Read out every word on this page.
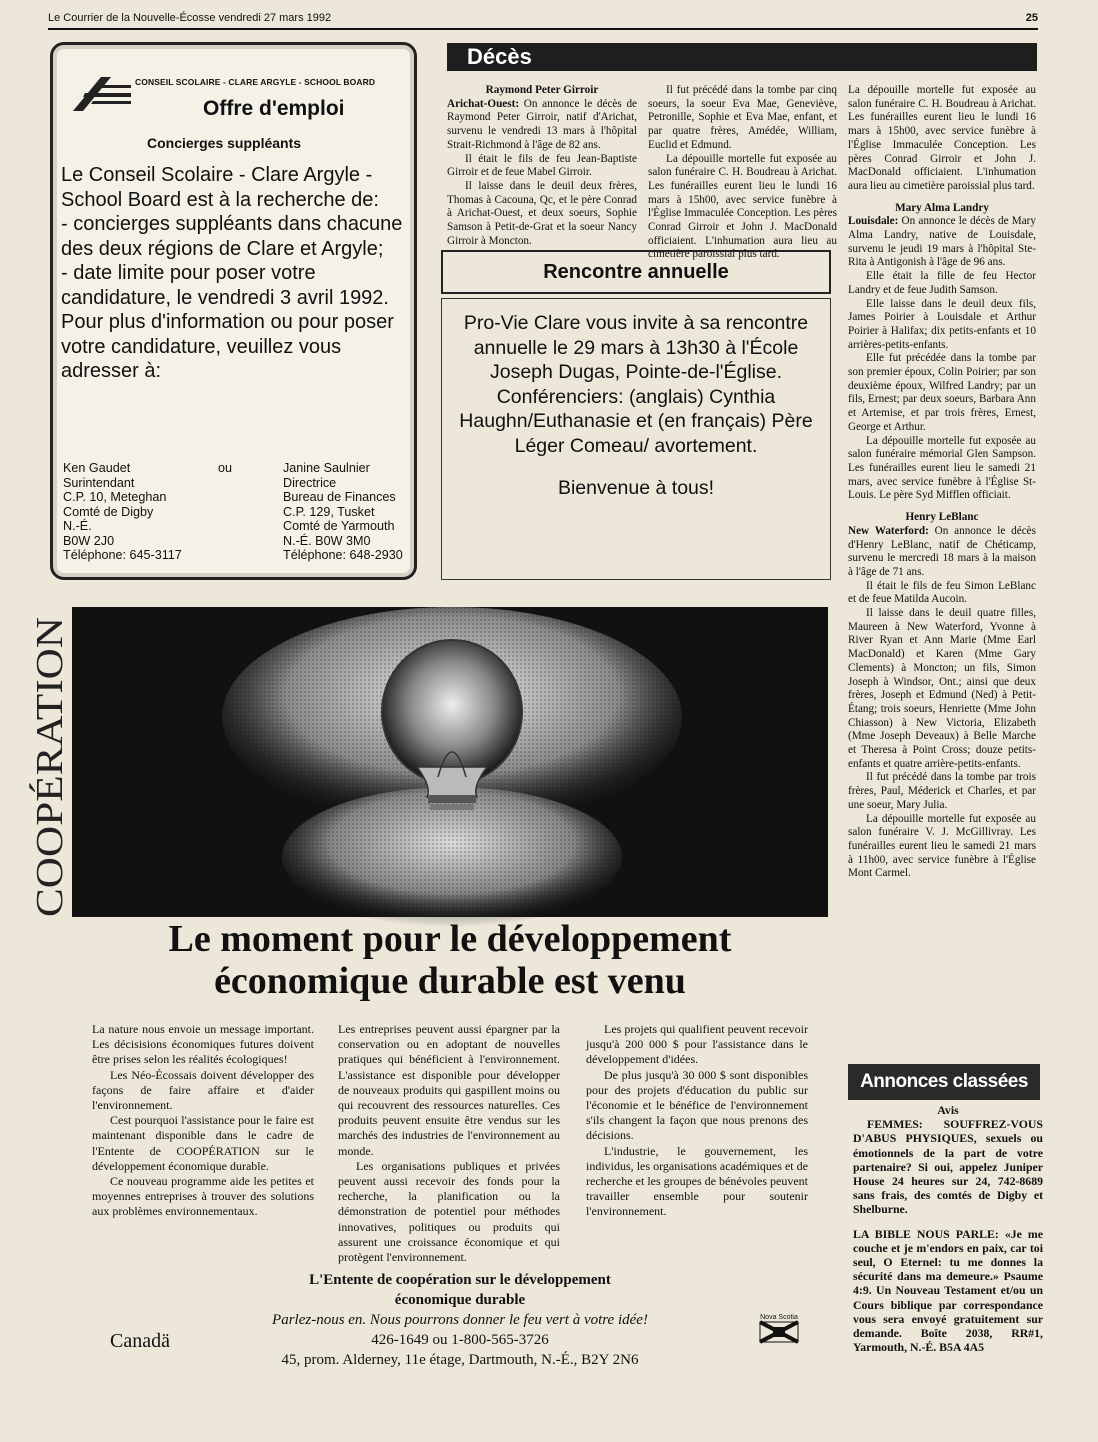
Le Courrier de la Nouvelle-Écosse vendredi 27 mars 1992	25
CONSEIL SCOLAIRE - CLARE ARGYLE - SCHOOL BOARD
Offre d'emploi
Concierges suppléants
Le Conseil Scolaire - Clare Argyle - School Board est à la recherche de:
- concierges suppléants dans chacune des deux régions de Clare et Argyle;
- date limite pour poser votre candidature, le vendredi 3 avril 1992.
Pour plus d'information ou pour poser votre candidature, veuillez vous adresser à:
Ken Gaudet
Surintendant
C.P. 10, Meteghan
Comté de Digby
N.-É.
B0W 2J0
Téléphone: 645-3117
ou	Janine Saulnier
Directrice
Bureau de Finances
C.P. 129, Tusket
Comté de Yarmouth
N.-É. B0W 3M0
Téléphone: 648-2930
Décès

Raymond Peter Girroir

Arichat-Ouest: On annonce le décès de Raymond Peter Girroir, natif d'Arichat, survenu le vendredi 13 mars à l'hôpital Strait-Richmond à l'âge de 82 ans.

Il était le fils de feu Jean-Baptiste Girroir et de feue Mabel Girroir.

Il laisse dans le deuil deux frères, Thomas à Cacouna, Qc, et le père Conrad à Arichat-Ouest, et deux soeurs, Sophie Samson à Petit-de-Grat et la soeur Nancy Girroir à Moncton.

Il fut précédé dans la tombe par cinq soeurs, la soeur Eva Mae, Geneviève, Petronille, Sophie et Eva Mae, enfant, et par quatre frères, Amédée, William, Euclid et Edmund.

La dépouille mortelle fut exposée au salon funéraire C. H. Boudreau à Arichat. Les funérailles eurent lieu le lundi 16 mars à 15h00, avec service funèbre à l'Église Immaculée Conception. Les pères Conrad Girroir et John J. MacDonald officiaient. L'inhumation aura lieu au cimetière paroissial plus tard.

La dépouille mortelle fut exposée au salon funéraire C. H. Boudreau à Arichat. Les funérailles eurent lieu le lundi 16 mars à 15h00, avec service funèbre à l'Église Immaculée Conception. Les pères Conrad Girroir et John J. MacDonald officiaient. L'inhumation aura lieu au cimetière paroissial plus tard.

Mary Alma Landry

Louisdale: On annonce le décès de Mary Alma Landry, native de Louisdale, survenu le jeudi 19 mars à l'hôpital Ste-Rita à Antigonish à l'âge de 96 ans.

Elle était la fille de feu Hector Landry et de feue Judith Samson.

Elle laisse dans le deuil deux fils, James Poirier à Louisdale et Arthur Poirier à Halifax; dix petits-enfants et 10 arrières-petits-enfants.

Elle fut précédée dans la tombe par son premier époux, Colin Poirier; par son deuxième époux, Wilfred Landry; par un fils, Ernest; par deux soeurs, Barbara Ann et Artemise, et par trois frères, Ernest, George et Arthur.

La dépouille mortelle fut exposée au salon funéraire mémorial Glen Sampson. Les funérailles eurent lieu le samedi 21 mars, avec service funèbre à l'Église St-Louis. Le père Syd Mifflen officiait.

Henry LeBlanc

New Waterford: On annonce le décès d'Henry LeBlanc, natif de Chéticamp, survenu le mercredi 18 mars à la maison à l'âge de 71 ans.

Il était le fils de feu Simon LeBlanc et de feue Matilda Aucoin.

Il laisse dans le deuil quatre filles, Maureen à New Waterford, Yvonne à River Ryan et Ann Marie (Mme Earl MacDonald) et Karen (Mme Gary Clements) à Moncton; un fils, Simon Joseph à Windsor, Ont.; ainsi que deux frères, Joseph et Edmund (Ned) à Petit-Étang; trois soeurs, Henriette (Mme John Chiasson) à New Victoria, Elizabeth (Mme Joseph Deveaux) à Belle Marche et Theresa à Point Cross; douze petits-enfants et quatre arrière-petits-enfants.

Il fut précédé dans la tombe par trois frères, Paul, Méderick et Charles, et par une soeur, Mary Julia.

La dépouille mortelle fut exposée au salon funéraire V. J. McGillivray. Les funérailles eurent lieu le samedi 21 mars à 11h00, avec service funèbre à l'Église Mont Carmel.

Rencontre annuelle
Pro-Vie Clare vous invite à sa rencontre annuelle le 29 mars à 13h30 à l'École Joseph Dugas, Pointe-de-l'Église. Conférenciers: (anglais) Cynthia Haughn/Euthanasie et (en français) Père Léger Comeau/ avortement.
Bienvenue à tous!
COOPÉRATION
Le moment pour le développement
économique durable est venu

La nature nous envoie un message important. Les décisisions économiques futures doivent être prises selon les réalités écologiques!

Les Néo-Écossais doivent développer des façons de faire affaire et d'aider l'environnement.

Cest pourquoi l'assistance pour le faire est maintenant disponible dans le cadre de l'Entente de COOPÉRATION sur le développement économique durable.

Ce nouveau programme aide les petites et moyennes entreprises à trouver des solutions aux problèmes environnementaux.

Les entreprises peuvent aussi épargner par la conservation ou en adoptant de nouvelles pratiques qui bénéficient à l'environnement. L'assistance est disponible pour développer de nouveaux produits qui gaspillent moins ou qui recouvrent des ressources naturelles. Ces produits peuvent ensuite être vendus sur les marchés des industries de l'environnement au monde.

Les organisations publiques et privées peuvent aussi recevoir des fonds pour la recherche, la planification ou la démonstration de potentiel pour méthodes innovatives, politiques ou produits qui assurent une croissance économique et qui protègent l'environnement.

Les projets qui qualifient peuvent recevoir jusqu'à 200 000 $ pour l'assistance dans le développement d'idées.

De plus jusqu'à 30 000 $ sont disponibles pour des projets d'éducation du public sur l'économie et le bénéfice de l'environnement s'ils changent la façon que nous prenons des décisions.

L'industrie, le gouvernement, les individus, les organisations académiques et de recherche et les groupes de bénévoles peuvent travailler ensemble pour soutenir l'environnement.

L'Entente de coopération sur le développement
économique durable
Parlez-nous en. Nous pourrons donner le feu vert à votre idée!
426-1649 ou 1-800-565-3726
45, prom. Alderney, 11e étage, Dartmouth, N.-É., B2Y 2N6
Canadä
Nova Scotia
Annonces classées
Avis

FEMMES: SOUFFREZ-VOUS D'ABUS PHYSIQUES, sexuels ou émotionnels de la part de votre partenaire? Si oui, appelez Juniper House 24 heures sur 24, 742-8689 sans frais, des comtés de Digby et Shelburne.

LA BIBLE NOUS PARLE: «Je me couche et je m'endors en paix, car toi seul, O Eternel: tu me donnes la sécurité dans ma demeure.» Psaume 4:9. Un Nouveau Testament et/ou un Cours biblique par correspondance vous sera envoyé gratuitement sur demande. Boîte 2038, RR#1, Yarmouth, N.-É. B5A 4A5
